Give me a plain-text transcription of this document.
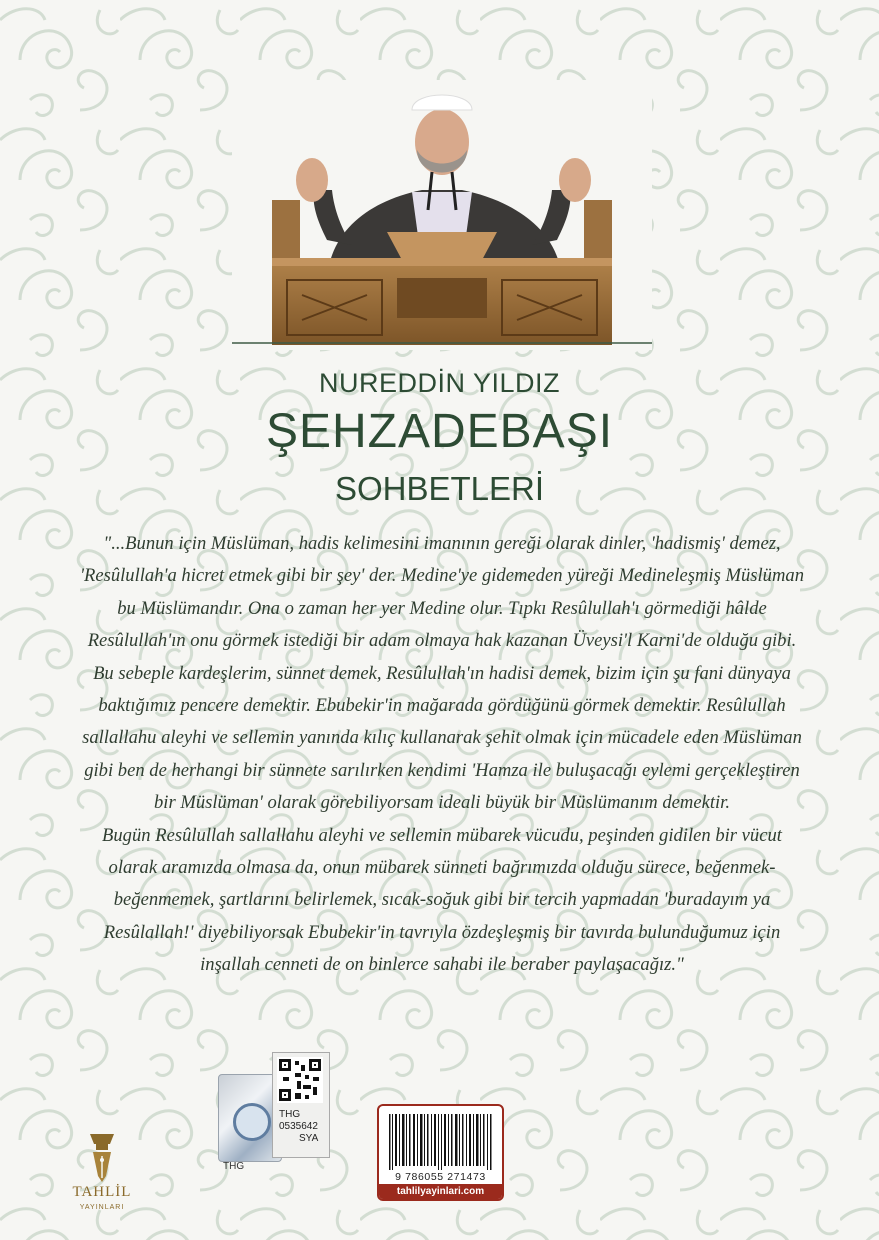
NUREDDİN YILDIZ
ŞEHZADEBAŞI
SOHBETLERİ

"...Bunun için Müslüman, hadis kelimesini imanının gereği olarak dinler, 'hadismiş' demez, 'Resûlullah'a hicret etmek gibi bir şey' der. Medine'ye gidemeden yüreği Medineleşmiş Müslüman bu Müslümandır. Ona o zaman her yer Medine olur. Tıpkı Resûlullah'ı görmediği hâlde Resûlullah'ın onu görmek istediği bir adam olmaya hak kazanan Üveysi'l Karni'de olduğu gibi.

Bu sebeple kardeşlerim, sünnet demek, Resûlullah'ın hadisi demek, bizim için şu fani dünyaya baktığımız pencere demektir. Ebubekir'in mağarada gördüğünü görmek demektir. Resûlullah sallallahu aleyhi ve sellemin yanında kılıç kullanarak şehit olmak için mücadele eden Müslüman gibi ben de herhangi bir sünnete sarılırken kendimi 'Hamza ile buluşacağı eylemi gerçekleştiren bir Müslüman' olarak görebiliyorsam ideali büyük bir Müslümanım demektir.

Bugün Resûlullah sallallahu aleyhi ve sellemin mübarek vücudu, peşinden gidilen bir vücut olarak aramızda olmasa da, onun mübarek sünneti bağrımızda olduğu sürece, beğenmek-beğenmemek, şartlarını belirlemek, sıcak-soğuk gibi bir tercih yapmadan 'buradayım ya Resûlallah!' diyebiliyorsak Ebubekir'in tavrıyla özdeşleşmiş bir tavırda bulunduğumuz için inşallah cenneti de on binlerce sahabi ile beraber paylaşacağız."

THG
THG
0535642
SYA
TAHLİL
YAYINLARI
9 786055 271473
tahlilyayinlari.com
